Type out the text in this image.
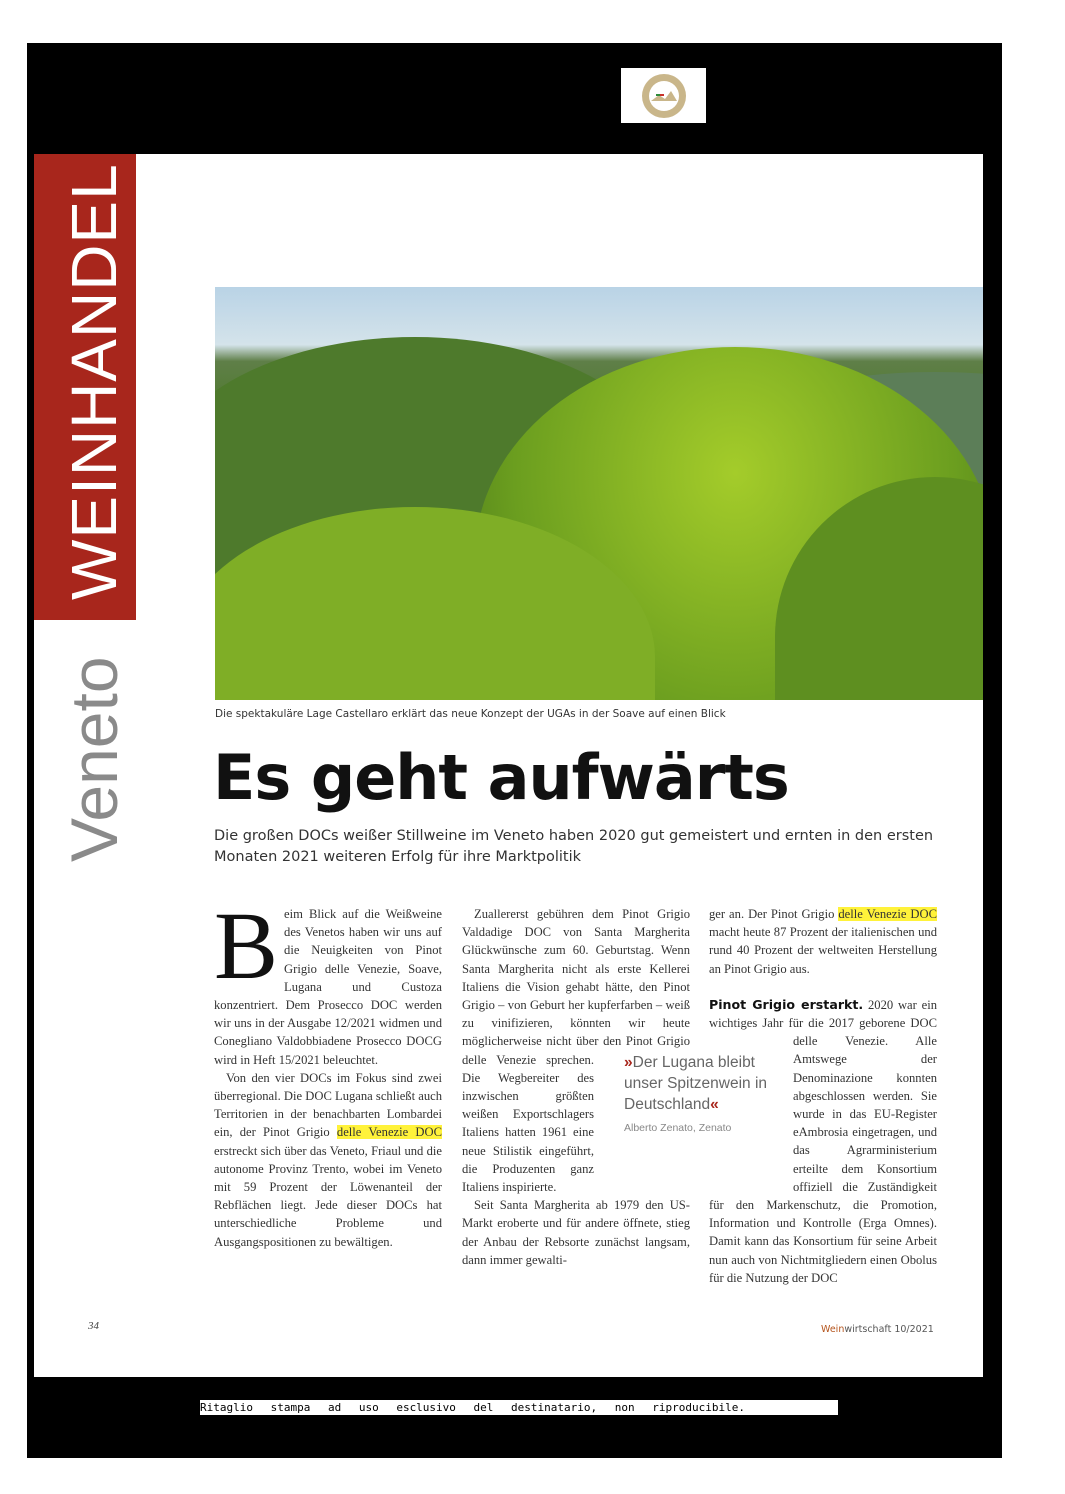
WEINHANDEL
Veneto	Die spektakuläre Lage Castellaro erklärt das neue Konzept der UGAs in der Soave auf einen Blick
Es geht aufwärts
Die großen DOCs weißer Stillweine im Veneto haben 2020 gut gemeistert und ernten in den ersten Monaten 2021 weiteren Erfolg für ihre Marktpolitik

Beim Blick auf die Weißweine des Venetos haben wir uns auf die Neuigkeiten von Pinot Grigio delle Venezie, Soave, Lugana und Custoza konzentriert. Dem Prosecco DOC werden wir uns in der Ausgabe 12/2021 widmen und Conegliano Valdobbiadene Prosecco DOCG wird in Heft 15/2021 beleuchtet.

Von den vier DOCs im Fokus sind zwei überregional. Die DOC Lugana schließt auch Territorien in der benachbarten Lombardei ein, der Pinot Grigio delle Venezie DOC erstreckt sich über das Veneto, Friaul und die autonome Provinz Trento, wobei im Veneto mit 59 Prozent der Löwenanteil der Rebflächen liegt. Jede dieser DOCs hat unterschiedliche Probleme und Ausgangspositionen zu bewältigen.

Zuallererst gebühren dem Pinot Grigio Valdadige DOC von Santa Margherita Glückwünsche zum 60. Geburtstag. Wenn Santa Margherita nicht als erste Kellerei Italiens die Vision gehabt hätte, den Pinot Grigio – von Geburt her kupferfarben – weiß zu vinifizieren, könnten wir heute möglicherweise nicht über den Pinot Grigio delle Venezie sprechen. Die Wegbereiter des inzwischen größten weißen Exportschlagers Italiens hatten 1961 eine neue Stilistik eingeführt, die Produzenten ganz Italiens inspirierte.

Seit Santa Margherita ab 1979 den US-Markt eroberte und für andere öffnete, stieg der Anbau der Rebsorte zunächst langsam, dann immer gewalti-

ger an. Der Pinot Grigio delle Venezie DOC macht heute 87 Prozent der italienischen und rund 40 Prozent der weltweiten Herstellung an Pinot Grigio aus.

Pinot Grigio erstarkt. 2020 war ein wichtiges Jahr für die 2017 geborene DOC delle Venezie. Alle Amtswege der Denominazione konnten abgeschlossen werden. Sie wurde in das EU-Register eAmbrosia eingetragen, und das Agrarministerium erteilte dem Konsortium offiziell die Zuständigkeit für den Markenschutz, die Promotion, Information und Kontrolle (Erga Omnes). Damit kann das Konsortium für seine Arbeit nun auch von Nichtmitgliedern einen Obolus für die Nutzung der DOC

»Der Lugana bleibt unser Spitzenwein in Deutschland«
Alberto Zenato, Zenato
34	Weinwirtschaft 10/2021
Ritaglio stampa ad uso esclusivo del destinatario, non riproducibile.
